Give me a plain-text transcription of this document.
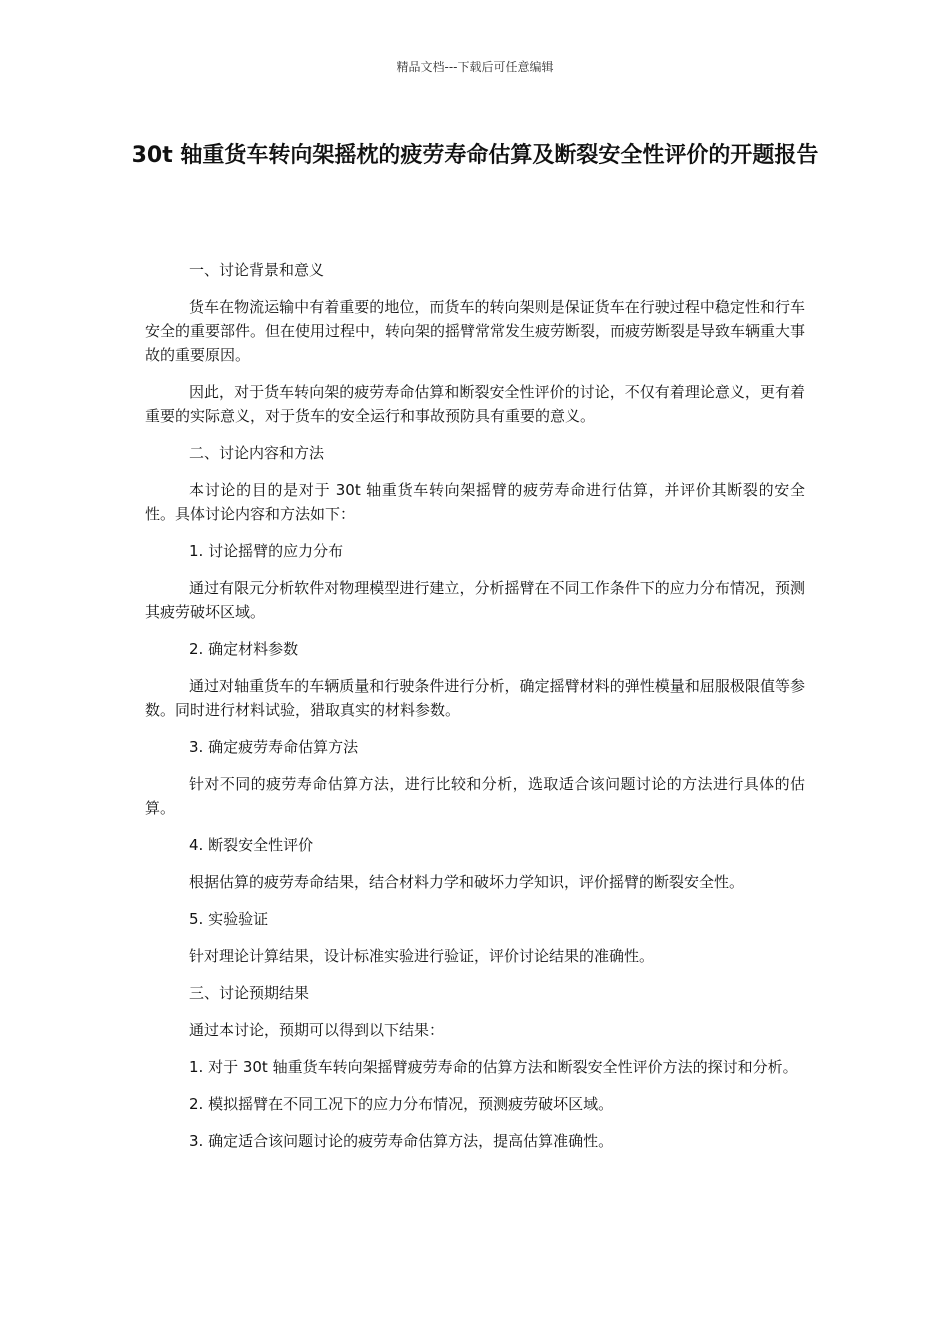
精品文档---下载后可任意编辑
30t 轴重货车转向架摇枕的疲劳寿命估算及断裂安全性评价的开题报告

一、讨论背景和意义

货车在物流运输中有着重要的地位，而货车的转向架则是保证货车在行驶过程中稳定性和行车安全的重要部件。但在使用过程中，转向架的摇臂常常发生疲劳断裂，而疲劳断裂是导致车辆重大事故的重要原因。

因此，对于货车转向架的疲劳寿命估算和断裂安全性评价的讨论，不仅有着理论意义，更有着重要的实际意义，对于货车的安全运行和事故预防具有重要的意义。

二、讨论内容和方法

本讨论的目的是对于 30t 轴重货车转向架摇臂的疲劳寿命进行估算，并评价其断裂的安全性。具体讨论内容和方法如下：

1. 讨论摇臂的应力分布

通过有限元分析软件对物理模型进行建立，分析摇臂在不同工作条件下的应力分布情况，预测其疲劳破坏区域。

2. 确定材料参数

通过对轴重货车的车辆质量和行驶条件进行分析，确定摇臂材料的弹性模量和屈服极限值等参数。同时进行材料试验，猎取真实的材料参数。

3. 确定疲劳寿命估算方法

针对不同的疲劳寿命估算方法，进行比较和分析，选取适合该问题讨论的方法进行具体的估算。

4. 断裂安全性评价

根据估算的疲劳寿命结果，结合材料力学和破坏力学知识，评价摇臂的断裂安全性。

5. 实验验证

针对理论计算结果，设计标准实验进行验证，评价讨论结果的准确性。

三、讨论预期结果

通过本讨论，预期可以得到以下结果：

1. 对于 30t 轴重货车转向架摇臂疲劳寿命的估算方法和断裂安全性评价方法的探讨和分析。

2. 模拟摇臂在不同工况下的应力分布情况，预测疲劳破坏区域。

3. 确定适合该问题讨论的疲劳寿命估算方法，提高估算准确性。
